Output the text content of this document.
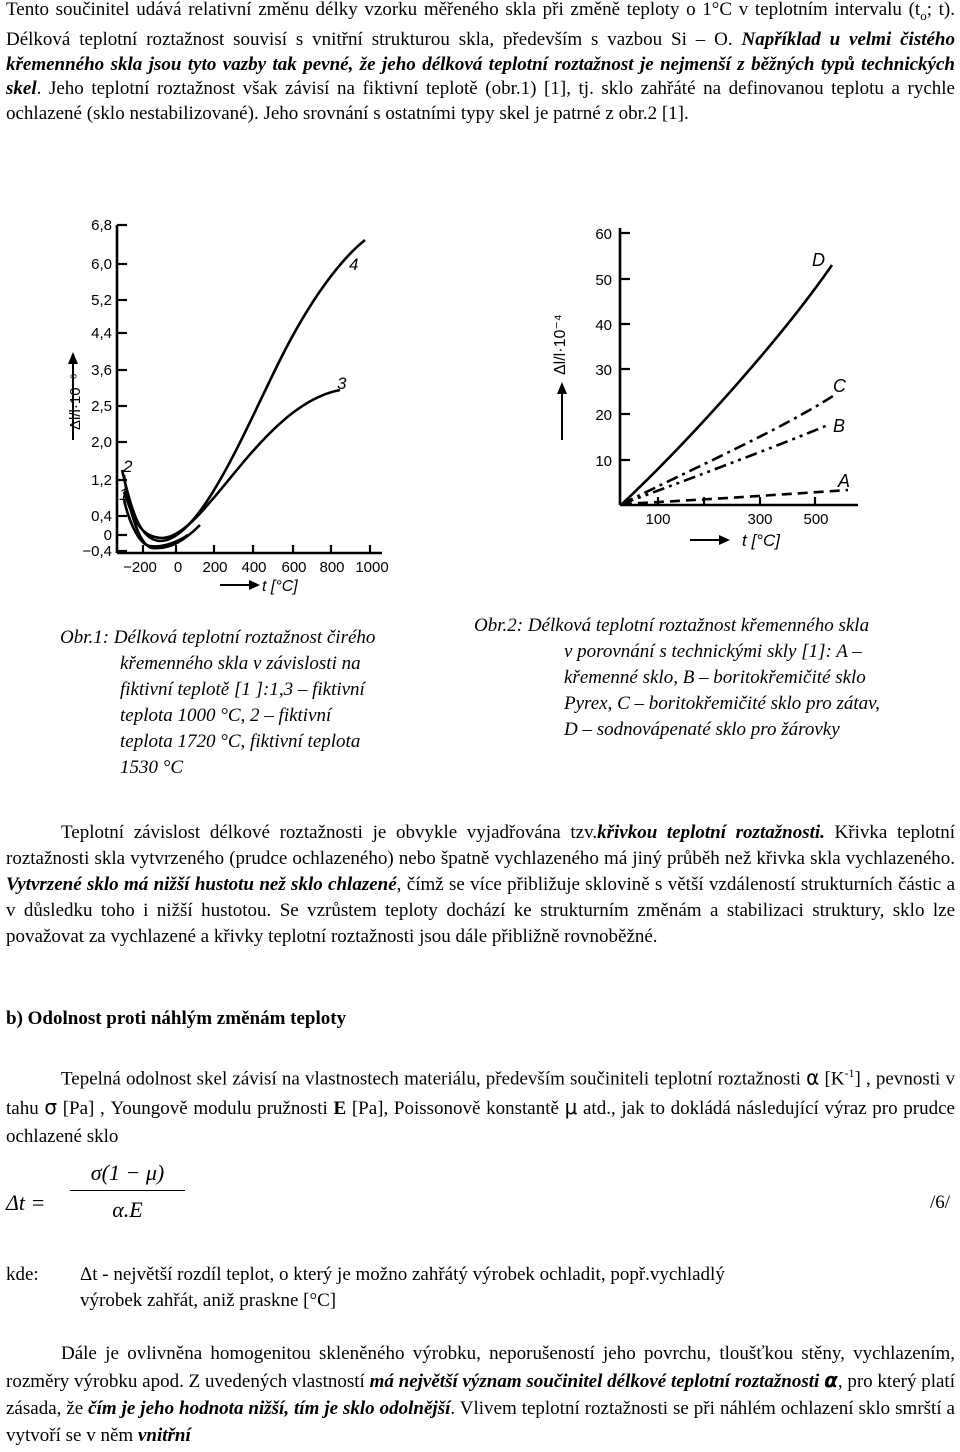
Tento součinitel udává relativní změnu délky vzorku měřeného skla při změně teploty o 1°C v teplotním intervalu ($t_o$; t). Délková teplotní roztažnost souvisí s vnitřní strukturou skla, především s vazbou Si – O. Například u velmi čistého křemenného skla jsou tyto vazby tak pevné, že jeho délková teplotní roztažnost je nejmenší z běžných typů technických skel. Jeho teplotní roztažnost však závisí na fiktivní teplotě (obr.1) [1], tj. sklo zahřáté na definovanou teplotu a rychle ochlazené (sklo nestabilizované). Jeho srovnání s ostatními typy skel je patrné z obr.2 [1].

6,8
6,0
5,2
4,4
3,6
2,5
2,0
1,2
0,4
0
−0,4
Δl/l·10⁻⁶
−200 0 200 400 600 800 1000
t [°C]
4
3
2
1
60
50
40
30
20
10
Δl/l·10⁻⁴
100	300 500
t [°C]
D
C
B
A
Obr.1: Délková teplotní roztažnost čirého
křemenného skla v závislosti na
fiktivní teplotě [1 ]:1,3 – fiktivní
teplota 1000 °C, 2 – fiktivní
teplota 1720 °C, fiktivní teplota
1530 °C
Obr.2: Délková teplotní roztažnost křemenného skla
v porovnání s technickými skly [1]: A –
křemenné sklo, B – boritokřemičité sklo
Pyrex, C – boritokřemičité sklo pro zátav,
D – sodnovápenaté sklo pro žárovky

Teplotní závislost délkové roztažnosti je obvykle vyjadřována tzv.křivkou teplotní roztažnosti. Křivka teplotní roztažnosti skla vytvrzeného (prudce ochlazeného) nebo špatně vychlazeného má jiný průběh než křivka skla vychlazeného. Vytvrzené sklo má nižší hustotu než sklo chlazené, čímž se více přibližuje sklovině s větší vzdáleností strukturních částic a v důsledku toho i nižší hustotou. Se vzrůstem teploty dochází ke strukturním změnám a stabilizaci struktury, sklo lze považovat za vychlazené a křivky teplotní roztažnosti jsou dále přibližně rovnoběžné.

b) Odolnost proti náhlým změnám teploty

Tepelná odolnost skel závisí na vlastnostech materiálu, především součiniteli teplotní roztažnosti α $[K^{-1}]$ , pevnosti v tahu σ [Pa] , Youngově modulu pružnosti E [Pa], Poissonově konstantě μ atd., jak to dokládá následující výraz pro prudce ochlazené sklo

Δt =
σ(1 − μ)
α.E	/6/
kde: Δt - největší rozdíl teplot, o který je možno zahřátý výrobek ochladit, popř.vychladlý
výrobek zahřát, aniž praskne [°C]

Dále je ovlivněna homogenitou skleněného výrobku, neporušeností jeho povrchu, tloušťkou stěny, vychlazením, rozměry výrobku apod. Z uvedených vlastností má největší význam součinitel délkové teplotní roztažnosti α, pro který platí zásada, že čím je jeho hodnota nižší, tím je sklo odolnější. Vlivem teplotní roztažnosti se při náhlém ochlazení sklo smrští a vytvoří se v něm vnitřní
